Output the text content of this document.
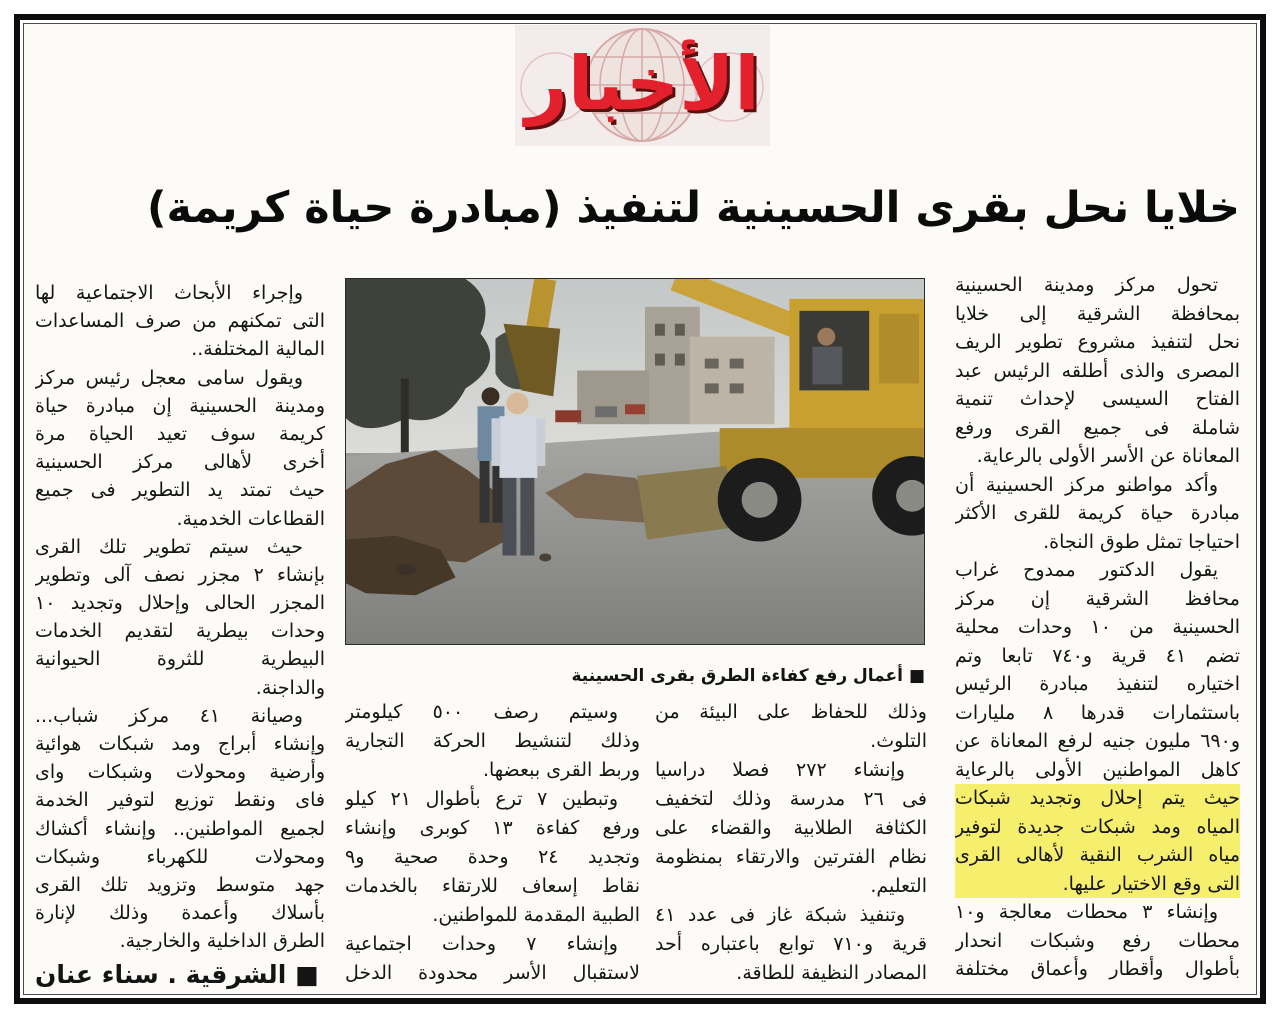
الأخبار
خلايا نحل بقرى الحسينية لتنفيذ (مبادرة حياة كريمة)
■ أعمال رفع كفاءة الطرق بقرى الحسينية
تحول مركز ومدينة الحسينية
بمحافظة الشرقية إلى خلايا
نحل لتنفيذ مشروع تطوير الريف
المصرى والذى أطلقه الرئيس عبد
الفتاح السيسى لإحداث تنمية
شاملة فى جميع القرى ورفع
المعاناة عن الأسر الأولى بالرعاية.
وأكد مواطنو مركز الحسينية أن
مبادرة حياة كريمة للقرى الأكثر
احتياجا تمثل طوق النجاة.
يقول الدكتور ممدوح غراب
محافظ الشرقية إن مركز
الحسينية من ١٠ وحدات محلية
تضم ٤١ قرية و٧٤٠ تابعا وتم
اختياره لتنفيذ مبادرة الرئيس
باستثمارات قدرها ٨ مليارات
و٦٩٠ مليون جنيه لرفع المعاناة عن
كاهل المواطنين الأولى بالرعاية
حيث يتم إحلال وتجديد شبكات
المياه ومد شبكات جديدة لتوفير
مياه الشرب النقية لأهالى القرى
التى وقع الاختيار عليها.
وإنشاء ٣ محطات معالجة و١٠
محطات رفع وشبكات انحدار
بأطوال وأقطار وأعماق مختلفة
وذلك للحفاظ على البيئة من
التلوث.
وإنشاء ٢٧٢ فصلا دراسيا
فى ٢٦ مدرسة وذلك لتخفيف
الكثافة الطلابية والقضاء على
نظام الفترتين والارتقاء بمنظومة
التعليم.
وتنفيذ شبكة غاز فى عدد ٤١
قرية و٧١٠ توابع باعتباره أحد
المصادر النظيفة للطاقة.
وسيتم رصف ٥٠٠ كيلومتر
وذلك لتنشيط الحركة التجارية
وربط القرى ببعضها.
وتبطين ٧ ترع بأطوال ٢١ كيلو
ورفع كفاءة ١٣ كوبرى وإنشاء
وتجديد ٢٤ وحدة صحية و٩
نقاط إسعاف للارتقاء بالخدمات
الطبية المقدمة للمواطنين.
وإنشاء ٧ وحدات اجتماعية
لاستقبال الأسر محدودة الدخل
وإجراء الأبحاث الاجتماعية لها
التى تمكنهم من صرف المساعدات
المالية المختلفة..
ويقول سامى معجل رئيس مركز
ومدينة الحسينية إن مبادرة حياة
كريمة سوف تعيد الحياة مرة
أخرى لأهالى مركز الحسينية
حيث تمتد يد التطوير فى جميع
القطاعات الخدمية.
حيث سيتم تطوير تلك القرى
بإنشاء ٢ مجزر نصف آلى وتطوير
المجزر الحالى وإحلال وتجديد ١٠
وحدات بيطرية لتقديم الخدمات
البيطرية للثروة الحيوانية
والداجنة.
وصيانة ٤١ مركز شباب...
وإنشاء أبراج ومد شبكات هوائية
وأرضية ومحولات وشبكات واى
فاى ونقط توزيع لتوفير الخدمة
لجميع المواطنين.. وإنشاء أكشاك
ومحولات للكهرباء وشبكات
جهد متوسط وتزويد تلك القرى
بأسلاك وأعمدة وذلك لإنارة
الطرق الداخلية والخارجية.
■ الشرقية . سناء عنان
